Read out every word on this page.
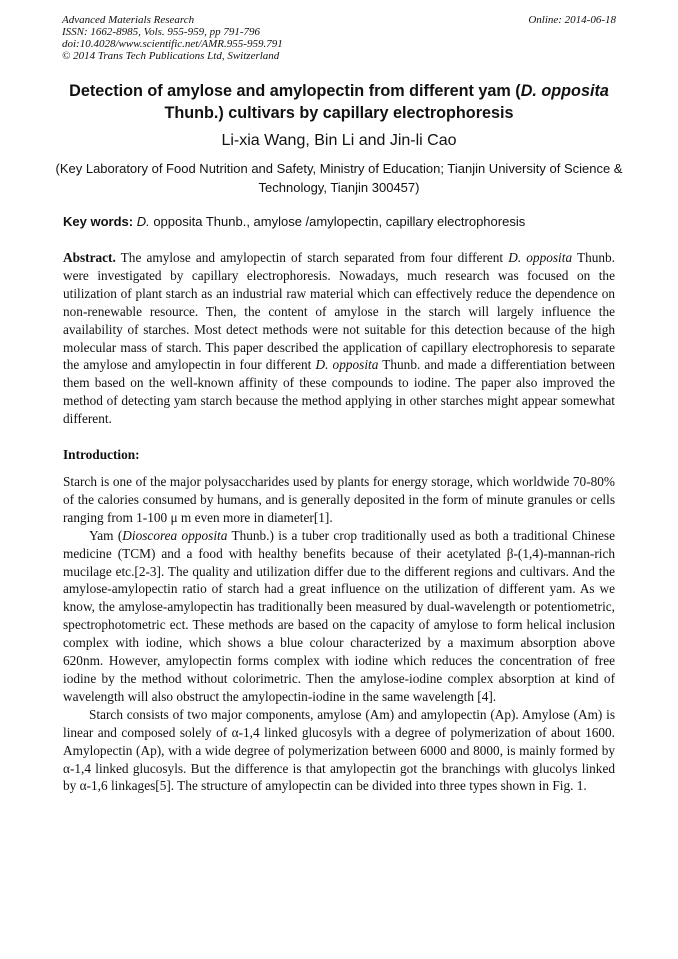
Advanced Materials Research
ISSN: 1662-8985, Vols. 955-959, pp 791-796
doi:10.4028/www.scientific.net/AMR.955-959.791
© 2014 Trans Tech Publications Ltd, Switzerland
Online: 2014-06-18
Detection of amylose and amylopectin from different yam (D. opposita Thunb.) cultivars by capillary electrophoresis
Li-xia Wang, Bin Li and Jin-li Cao
(Key Laboratory of Food Nutrition and Safety, Ministry of Education; Tianjin University of Science & Technology, Tianjin 300457)
Key words: D. opposita Thunb., amylose /amylopectin, capillary electrophoresis

Abstract. The amylose and amylopectin of starch separated from four different D. opposita Thunb. were investigated by capillary electrophoresis. Nowadays, much research was focused on the utilization of plant starch as an industrial raw material which can effectively reduce the dependence on non-renewable resource. Then, the content of amylose in the starch will largely influence the availability of starches. Most detect methods were not suitable for this detection because of the high molecular mass of starch. This paper described the application of capillary electrophoresis to separate the amylose and amylopectin in four different D. opposita Thunb. and made a differentiation between them based on the well-known affinity of these compounds to iodine. The paper also improved the method of detecting yam starch because the method applying in other starches might appear somewhat different.

Introduction:

Starch is one of the major polysaccharides used by plants for energy storage, which worldwide 70-80% of the calories consumed by humans, and is generally deposited in the form of minute granules or cells ranging from 1-100 μ m even more in diameter[1].

Yam (Dioscorea opposita Thunb.) is a tuber crop traditionally used as both a traditional Chinese medicine (TCM) and a food with healthy benefits because of their acetylated β-(1,4)-mannan-rich mucilage etc.[2-3]. The quality and utilization differ due to the different regions and cultivars. And the amylose-amylopectin ratio of starch had a great influence on the utilization of different yam. As we know, the amylose-amylopectin has traditionally been measured by dual-wavelength or potentiometric, spectrophotometric ect. These methods are based on the capacity of amylose to form helical inclusion complex with iodine, which shows a blue colour characterized by a maximum absorption above 620nm. However, amylopectin forms complex with iodine which reduces the concentration of free iodine by the method without colorimetric. Then the amylose-iodine complex absorption at kind of wavelength will also obstruct the amylopectin-iodine in the same wavelength [4].

Starch consists of two major components, amylose (Am) and amylopectin (Ap). Amylose (Am) is linear and composed solely of α-1,4 linked glucosyls with a degree of polymerization of about 1600. Amylopectin (Ap), with a wide degree of polymerization between 6000 and 8000, is mainly formed by α-1,4 linked glucosyls. But the difference is that amylopectin got the branchings with glucolys linked by α-1,6 linkages[5]. The structure of amylopectin can be divided into three types shown in Fig. 1.
